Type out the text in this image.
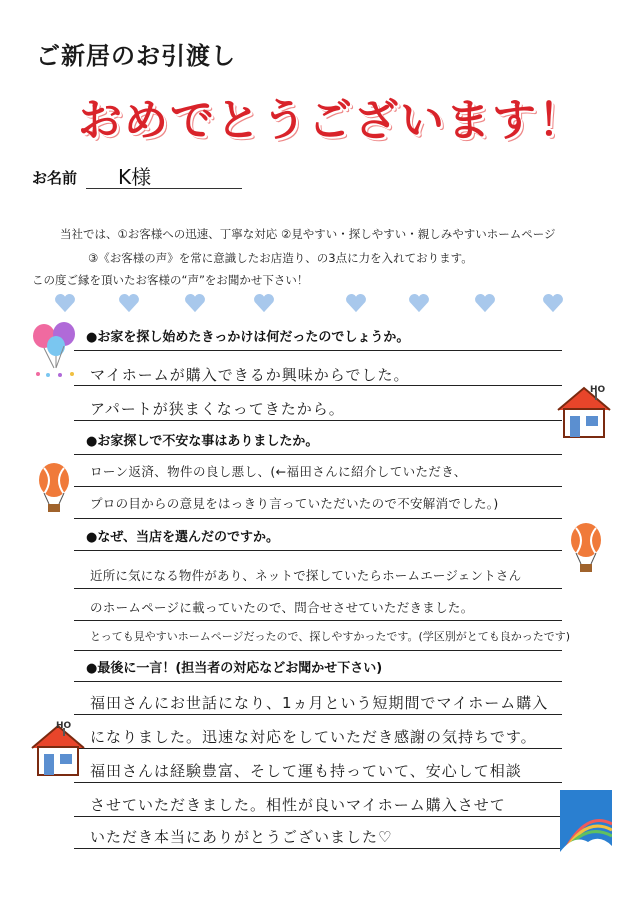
ご新居のお引渡し
おめでとうございます！
お名前 K様
当社では、①お客様への迅速、丁寧な対応 ②見やすい・探しやすい・親しみやすいホームページ
③《お客様の声》を常に意識したお店造り、の3点に力を入れております。
この度ご縁を頂いたお客様の“声”をお聞かせ下さい！
●お家を探し始めたきっかけは何だったのでしょうか。
マイホームが購入できるか興味からでした。
アパートが狭まくなってきたから。
HO
●お家探しで不安な事はありましたか。
ローン返済、物件の良し悪し、(←福田さんに紹介していただき、
プロの目からの意見をはっきり言っていただいたので不安解消でした。)
●なぜ、当店を選んだのですか。
近所に気になる物件があり、ネットで探していたらホームエージェントさん
のホームページに載っていたので、問合せさせていただきました。
とっても見やすいホームページだったので、探しやすかったです。(学区別がとても良かったです)
●最後に一言！(担当者の対応などお聞かせ下さい)
福田さんにお世話になり、1ヵ月という短期間でマイホーム購入
になりました。迅速な対応をしていただき感謝の気持ちです。
福田さんは経験豊富、そして運も持っていて、安心して相談
させていただきました。相性が良いマイホーム購入させて
いただき本当にありがとうございました♡
HO
